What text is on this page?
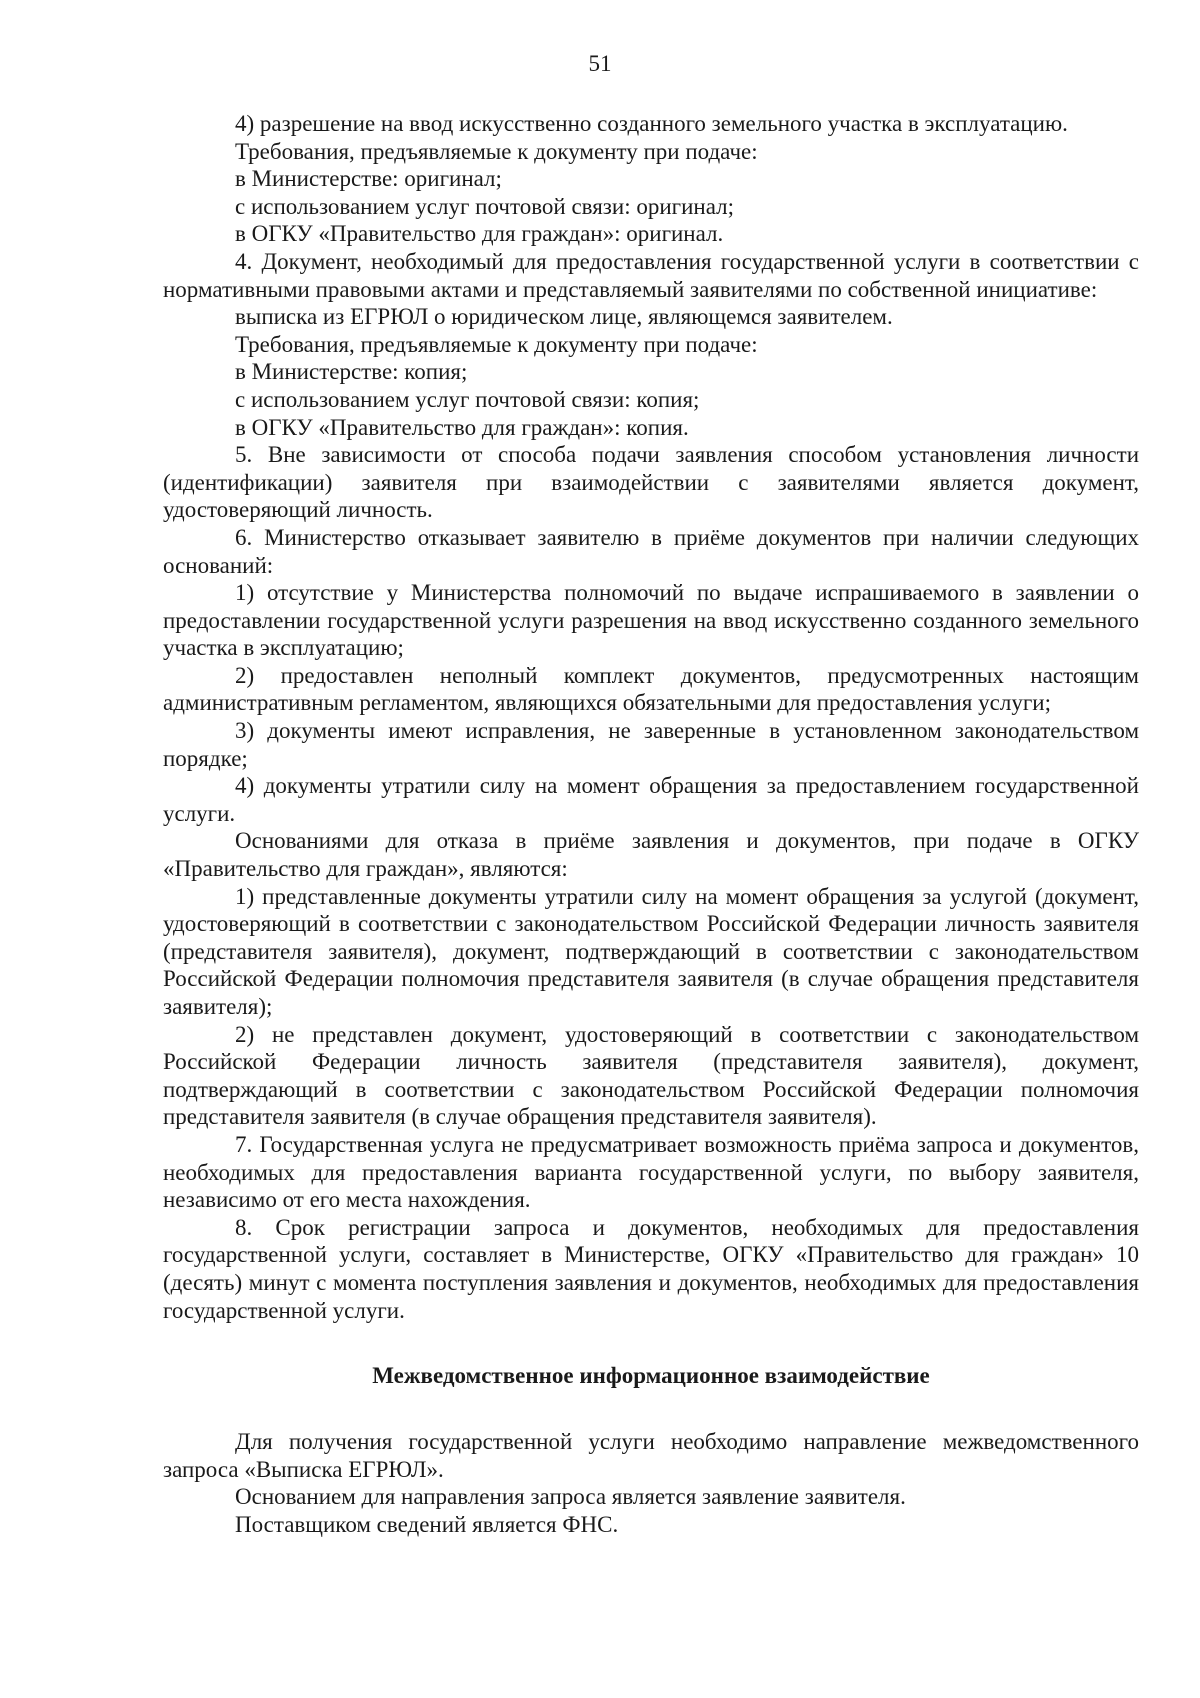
51

4) разрешение на ввод искусственно созданного земельного участка в эксплуатацию.

Требования, предъявляемые к документу при подаче:

в Министерстве: оригинал;

с использованием услуг почтовой связи: оригинал;

в ОГКУ «Правительство для граждан»: оригинал.

4. Документ, необходимый для предоставления государственной услуги в соответствии с нормативными правовыми актами и представляемый заявителями по собственной инициативе:

выписка из ЕГРЮЛ о юридическом лице, являющемся заявителем.

Требования, предъявляемые к документу при подаче:

в Министерстве: копия;

с использованием услуг почтовой связи: копия;

в ОГКУ «Правительство для граждан»: копия.

5. Вне зависимости от способа подачи заявления способом установления личности (идентификации) заявителя при взаимодействии с заявителями является документ, удостоверяющий личность.

6. Министерство отказывает заявителю в приёме документов при наличии следующих оснований:

1) отсутствие у Министерства полномочий по выдаче испрашиваемого в заявлении о предоставлении государственной услуги разрешения на ввод искусственно созданного земельного участка в эксплуатацию;

2) предоставлен неполный комплект документов, предусмотренных настоящим административным регламентом, являющихся обязательными для предоставления услуги;

3) документы имеют исправления, не заверенные в установленном законодательством порядке;

4) документы утратили силу на момент обращения за предоставлением государственной услуги.

Основаниями для отказа в приёме заявления и документов, при подаче в ОГКУ «Правительство для граждан», являются:

1) представленные документы утратили силу на момент обращения за услугой (документ, удостоверяющий в соответствии с законодательством Российской Федерации личность заявителя (представителя заявителя), документ, подтверждающий в соответствии с законодательством Российской Федерации полномочия представителя заявителя (в случае обращения представителя заявителя);

2) не представлен документ, удостоверяющий в соответствии с законодательством Российской Федерации личность заявителя (представителя заявителя), документ, подтверждающий в соответствии с законодательством Российской Федерации полномочия представителя заявителя (в случае обращения представителя заявителя).

7. Государственная услуга не предусматривает возможность приёма запроса и документов, необходимых для предоставления варианта государственной услуги, по выбору заявителя, независимо от его места нахождения.

8. Срок регистрации запроса и документов, необходимых для предоставления государственной услуги, составляет в Министерстве, ОГКУ «Правительство для граждан» 10 (десять) минут с момента поступления заявления и документов, необходимых для предоставления государственной услуги.

Межведомственное информационное взаимодействие

Для получения государственной услуги необходимо направление межведомственного запроса «Выписка ЕГРЮЛ».

Основанием для направления запроса является заявление заявителя.

Поставщиком сведений является ФНС.
